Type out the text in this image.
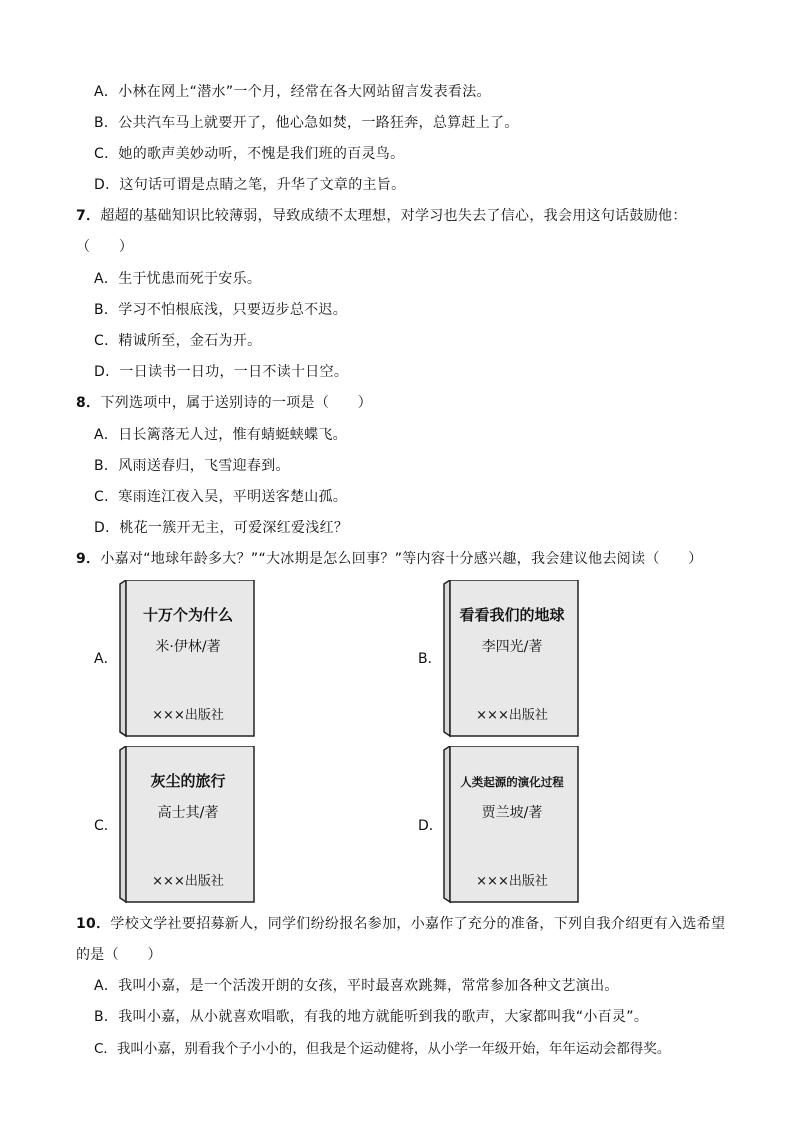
A．小林在网上“潜水”一个月，经常在各大网站留言发表看法。
B．公共汽车马上就要开了，他心急如焚，一路狂奔，总算赶上了。
C．她的歌声美妙动听，不愧是我们班的百灵鸟。
D．这句话可谓是点睛之笔，升华了文章的主旨。
7．超超的基础知识比较薄弱，导致成绩不太理想，对学习也失去了信心，我会用这句话鼓励他：
（　　）
A．生于忧患而死于安乐。
B．学习不怕根底浅，只要迈步总不迟。
C．精诚所至，金石为开。
D．一日读书一日功，一日不读十日空。
8．下列选项中，属于送别诗的一项是（　　）
A．日长篱落无人过，惟有蜻蜓蛱蝶飞。
B．风雨送春归，飞雪迎春到。
C．寒雨连江夜入吴，平明送客楚山孤。
D．桃花一簇开无主，可爱深红爱浅红？
9．小嘉对“地球年龄多大？”“大冰期是怎么回事？”等内容十分感兴趣，我会建议他去阅读（　　）
A．
十万个为什么
米·伊林/著
×××出版社
B．
看看我们的地球
李四光/著
×××出版社
C．
灰尘的旅行
高士其/著
×××出版社
D．
人类起源的演化过程
贾兰坡/著
×××出版社
10．学校文学社要招募新人，同学们纷纷报名参加，小嘉作了充分的准备，下列自我介绍更有入选希望
的是（　　）
A．我叫小嘉，是一个活泼开朗的女孩，平时最喜欢跳舞，常常参加各种文艺演出。
B．我叫小嘉，从小就喜欢唱歌，有我的地方就能听到我的歌声，大家都叫我“小百灵”。
C．我叫小嘉，别看我个子小小的，但我是个运动健将，从小学一年级开始，年年运动会都得奖。
